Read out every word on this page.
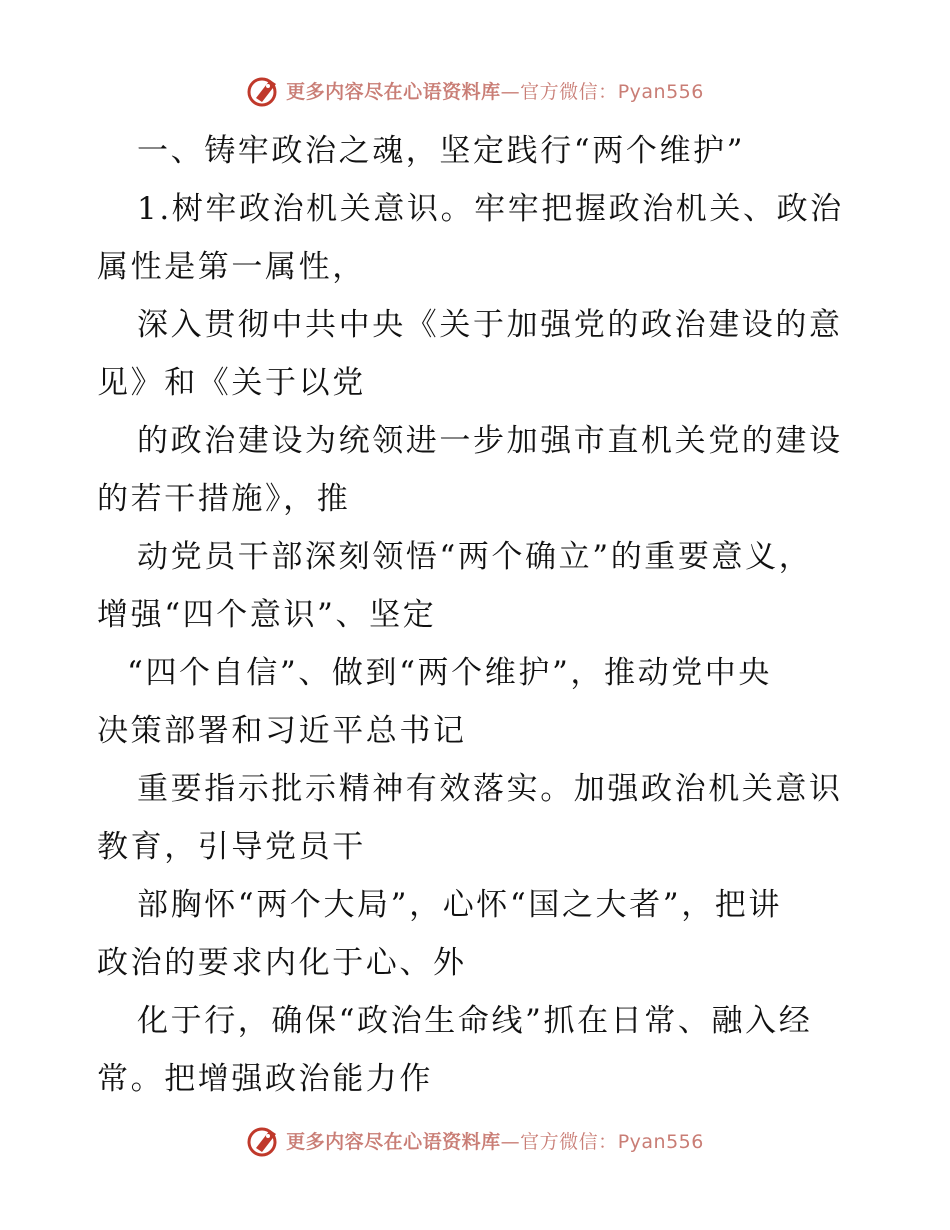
更多内容尽在心语资料库—官方微信：Pyan556
一、铸牢政治之魂，坚定践行“两个维护”
1.树牢政治机关意识。牢牢把握政治机关、政治
属性是第一属性，
深入贯彻中共中央《关于加强党的政治建设的意
见》和《关于以党
的政治建设为统领进一步加强市直机关党的建设
的若干措施》，推
动党员干部深刻领悟“两个确立”的重要意义，
增强“四个意识”、坚定
“四个自信”、做到“两个维护”，推动党中央
决策部署和习近平总书记
重要指示批示精神有效落实。加强政治机关意识
教育，引导党员干
部胸怀“两个大局”，心怀“国之大者”，把讲
政治的要求内化于心、外
化于行，确保“政治生命线”抓在日常、融入经
常。把增强政治能力作
更多内容尽在心语资料库—官方微信：Pyan556
